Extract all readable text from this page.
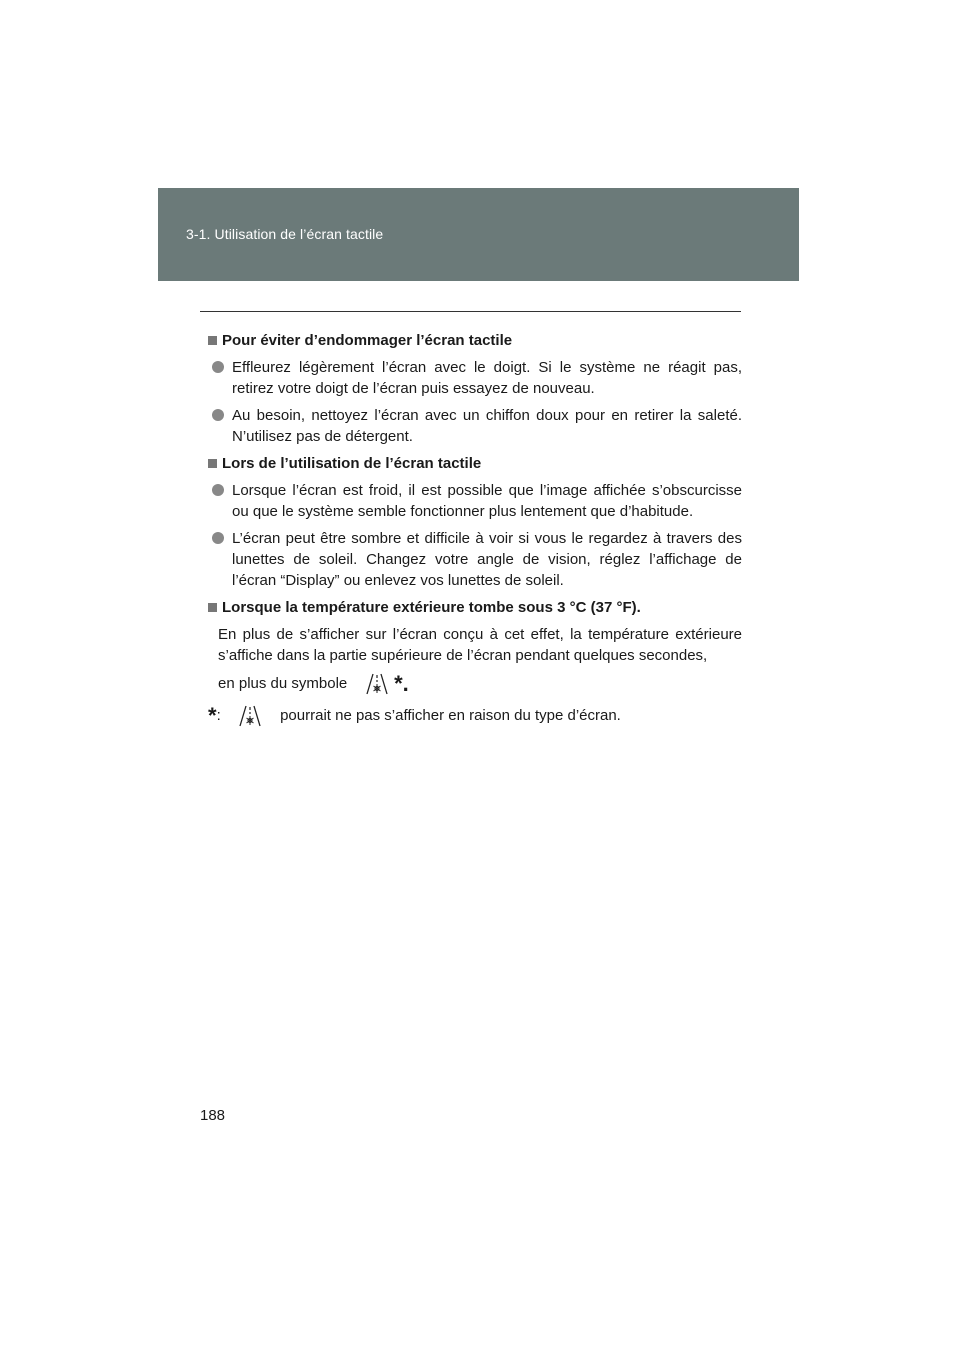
3-1. Utilisation de l’écran tactile
Pour éviter d’endommager l’écran tactile
Effleurez légèrement l’écran avec le doigt. Si le système ne réagit pas, retirez votre doigt de l’écran puis essayez de nouveau.
Au besoin, nettoyez l’écran avec un chiffon doux pour en retirer la saleté. N’utilisez pas de détergent.
Lors de l’utilisation de l’écran tactile
Lorsque l’écran est froid, il est possible que l’image affichée s’obscurcisse ou que le système semble fonctionner plus lentement que d’habitude.
L’écran peut être sombre et difficile à voir si vous le regardez à travers des lunettes de soleil. Changez votre angle de vision, réglez l’affichage de l’écran “Display” ou enlevez vos lunettes de soleil.
Lorsque la température extérieure tombe sous 3 °C (37 °F).
En plus de s’afficher sur l’écran conçu à cet effet, la température extérieure s’affiche dans la partie supérieure de l’écran pendant quelques secondes,
en plus du symbole *.
*:	pourrait ne pas s’afficher en raison du type d’écran.
188
